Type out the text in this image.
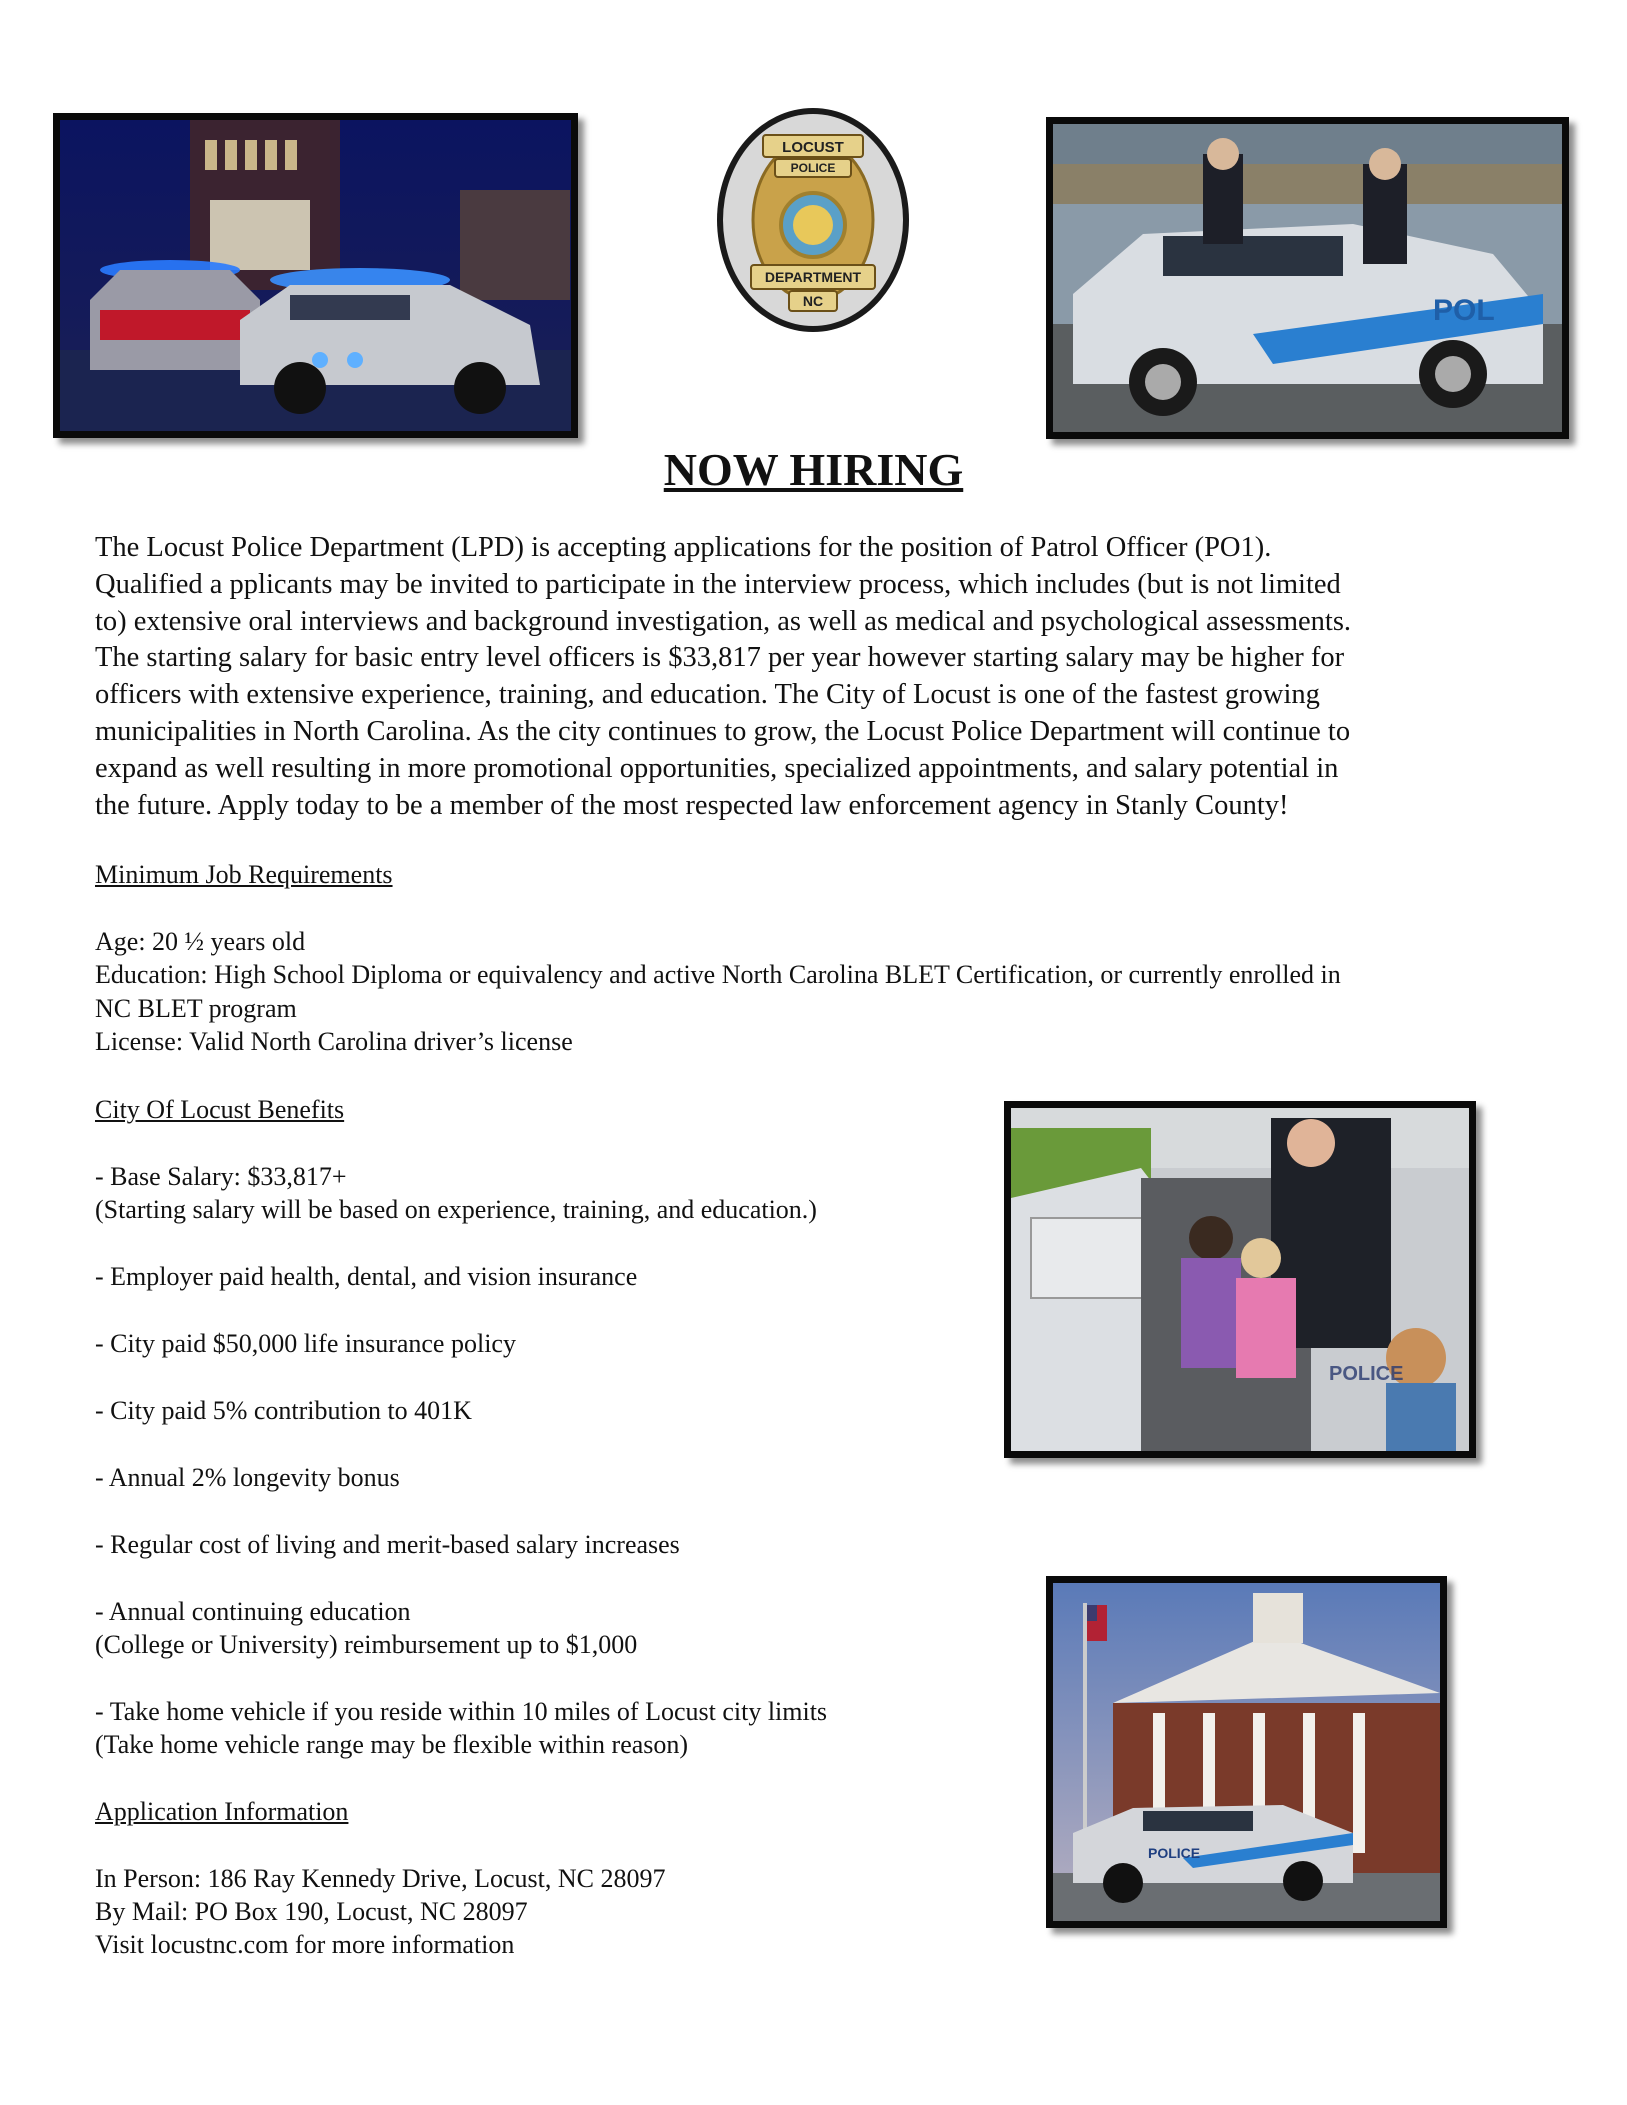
LOCUST
POLICE
DEPARTMENT
NC	POL
NOW HIRING
The Locust Police Department (LPD) is accepting applications for the position of Patrol Officer (PO1).
Qualified a pplicants may be invited to participate in the interview process, which includes (but is not limited
to) extensive oral interviews and background investigation, as well as medical and psychological assessments.
The starting salary for basic entry level officers is $33,817 per year however starting salary may be higher for
officers with extensive experience, training, and education. The City of Locust is one of the fastest growing
municipalities in North Carolina. As the city continues to grow, the Locust Police Department will continue to
expand as well resulting in more promotional opportunities, specialized appointments, and salary potential in
the future. Apply today to be a member of the most respected law enforcement agency in Stanly County!
Minimum Job Requirements
Age: 20 ½ years old
Education: High School Diploma or equivalency and active North Carolina BLET Certification, or currently enrolled in
NC BLET program
License: Valid North Carolina driver’s license
City Of Locust Benefits
- Base Salary: $33,817+
(Starting salary will be based on experience, training, and education.)
- Employer paid health, dental, and vision insurance
- City paid $50,000 life insurance policy
- City paid 5% contribution to 401K
- Annual 2% longevity bonus
- Regular cost of living and merit-based salary increases
- Annual continuing education
(College or University) reimbursement up to $1,000
- Take home vehicle if you reside within 10 miles of Locust city limits
(Take home vehicle range may be flexible within reason)
Application Information
In Person: 186 Ray Kennedy Drive, Locust, NC 28097
By Mail: PO Box 190, Locust, NC 28097
Visit locustnc.com for more information
POLICE
POLICE
